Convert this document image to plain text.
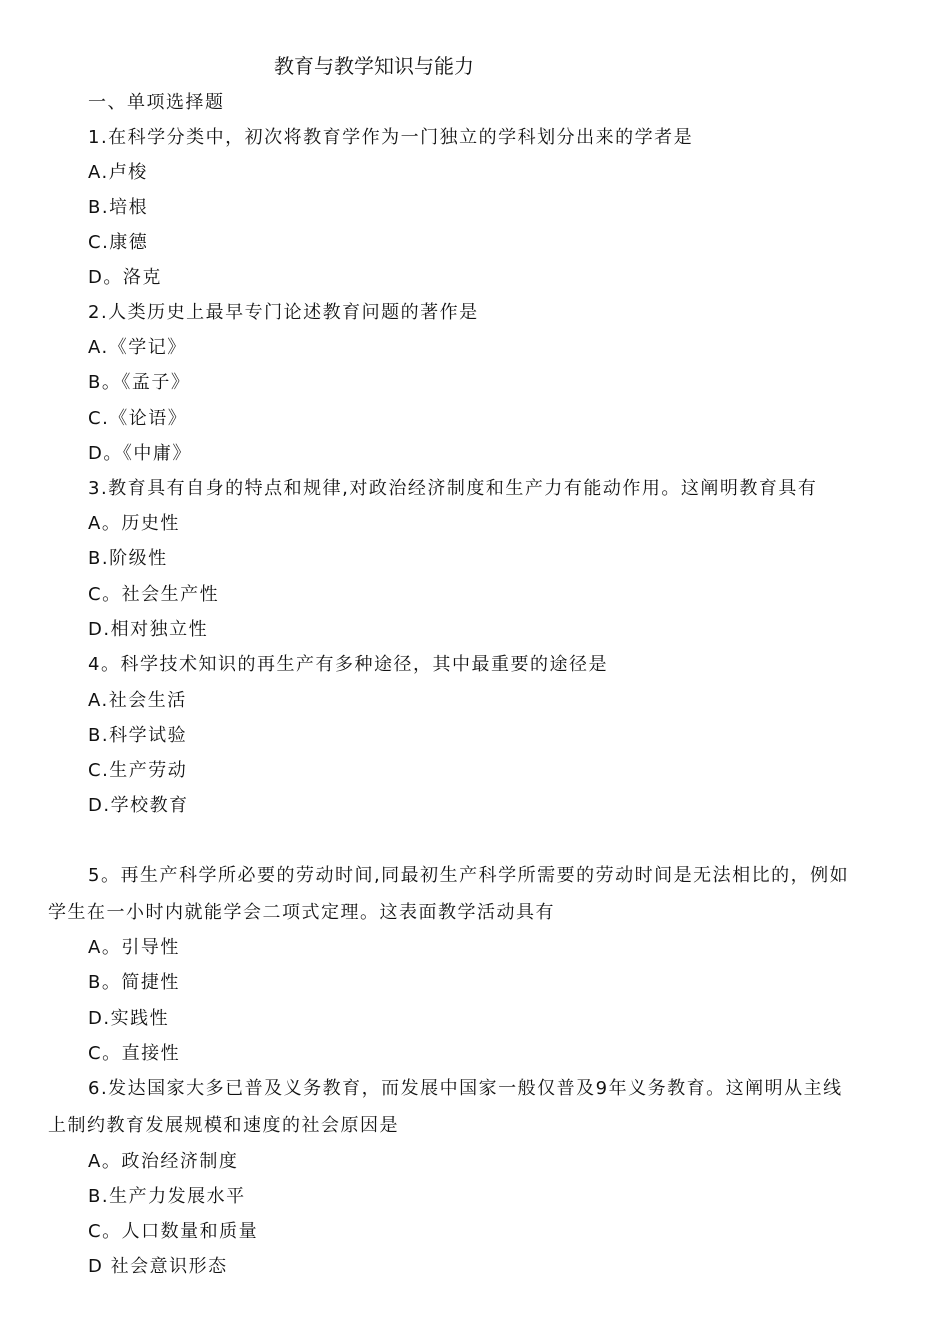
教育与教学知识与能力
一、单项选择题
1.在科学分类中，初次将教育学作为一门独立的学科划分出来的学者是
A.卢梭
B.培根
C.康德
D。洛克
2.人类历史上最早专门论述教育问题的著作是
A.《学记》
B。《孟子》
C.《论语》
D。《中庸》
3.教育具有自身的特点和规律,对政治经济制度和生产力有能动作用。这阐明教育具有
A。历史性
B.阶级性
C。社会生产性
D.相对独立性
4。科学技术知识的再生产有多种途径，其中最重要的途径是
A.社会生活
B.科学试验
C.生产劳动
D.学校教育
5。再生产科学所必要的劳动时间,同最初生产科学所需要的劳动时间是无法相比的，例如
学生在一小时内就能学会二项式定理。这表面教学活动具有
A。引导性
B。简捷性
D.实践性
C。直接性
6.发达国家大多已普及义务教育，而发展中国家一般仅普及9年义务教育。这阐明从主线
上制约教育发展规模和速度的社会原因是
A。政治经济制度
B.生产力发展水平
C。人口数量和质量
D 社会意识形态
